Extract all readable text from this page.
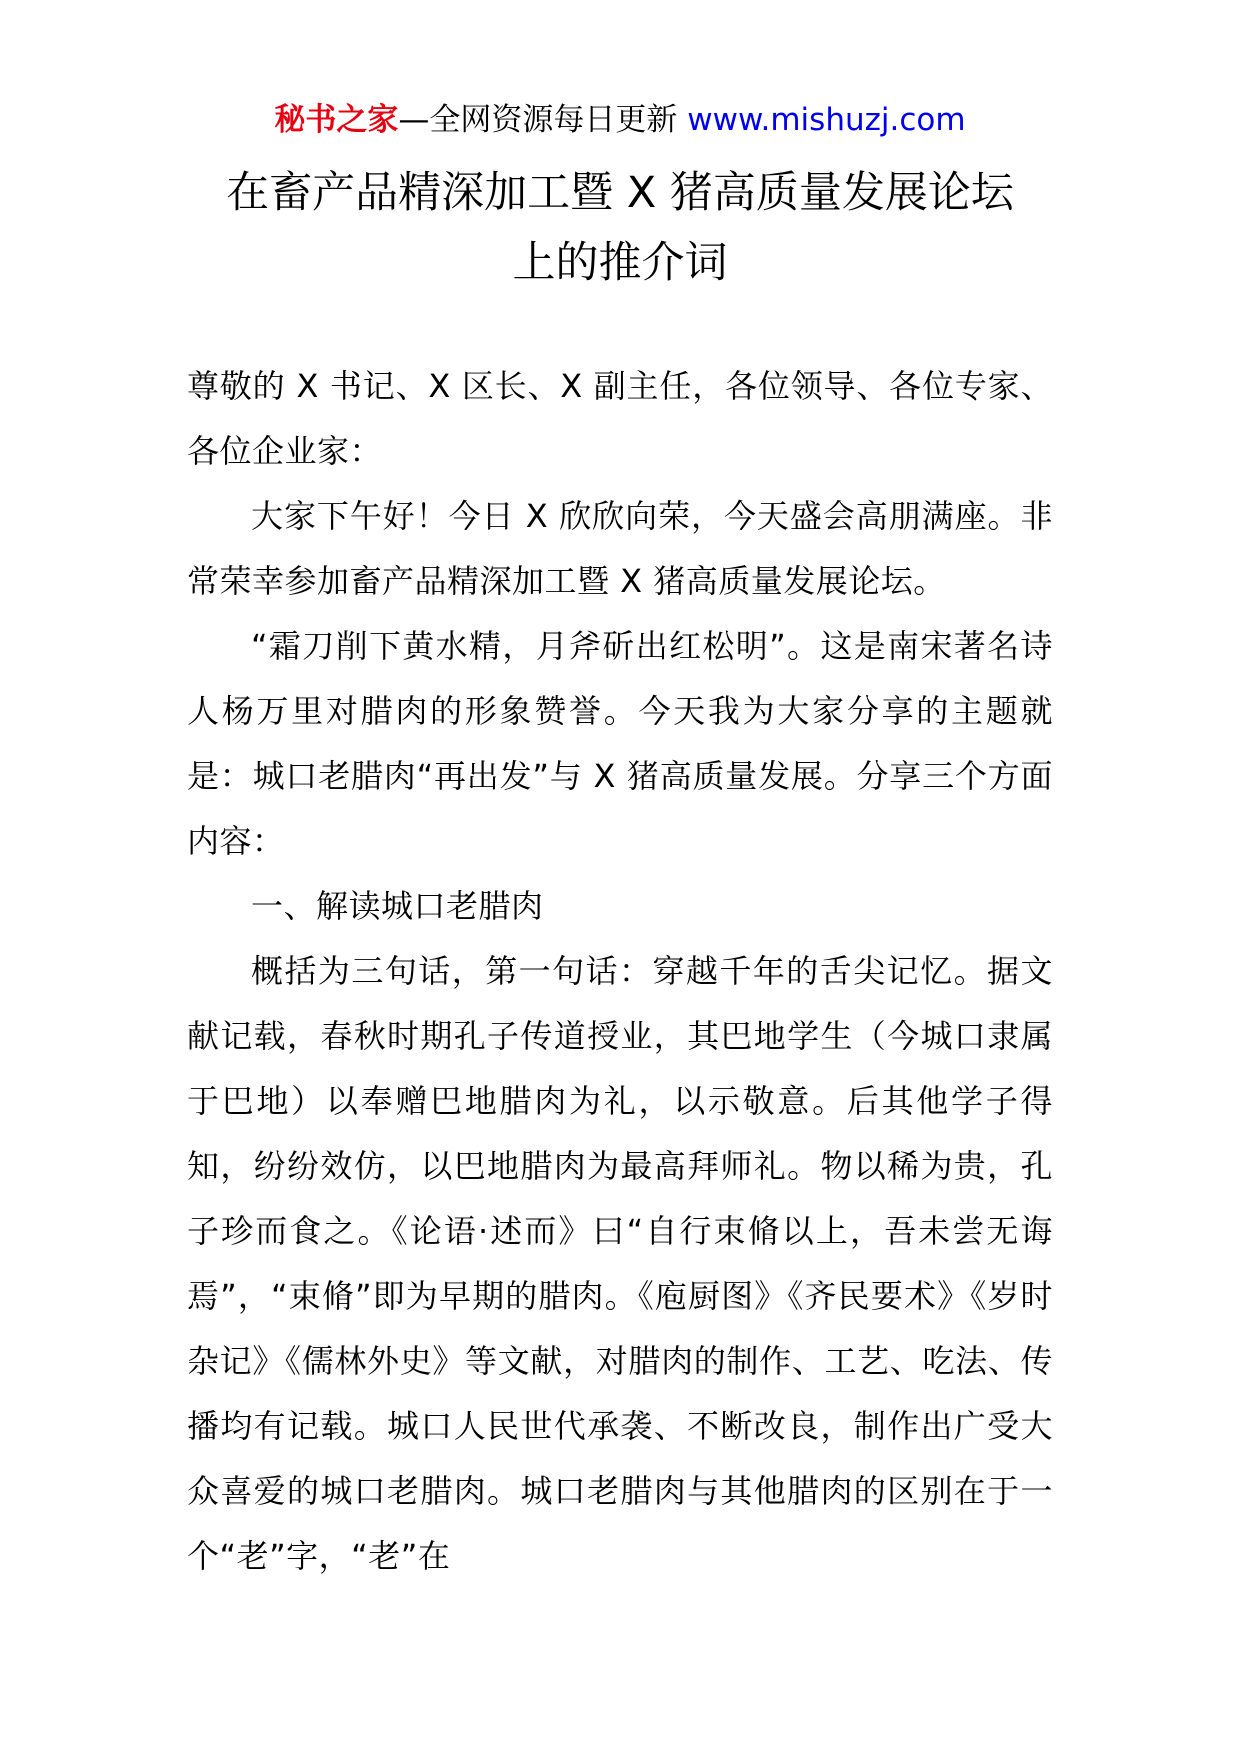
秘书之家—全网资源每日更新 www.mishuzj.com
在畜产品精深加工暨 X 猪高质量发展论坛
上的推介词

尊敬的 X 书记、X 区长、X 副主任，各位领导、各位专家、各位企业家：

大家下午好！今日 X 欣欣向荣，今天盛会高朋满座。非常荣幸参加畜产品精深加工暨 X 猪高质量发展论坛。

“霜刀削下黄水精，月斧斫出红松明”。这是南宋著名诗人杨万里对腊肉的形象赞誉。今天我为大家分享的主题就是：城口老腊肉“再出发”与 X 猪高质量发展。分享三个方面内容：

一、解读城口老腊肉

概括为三句话，第一句话：穿越千年的舌尖记忆。据文献记载，春秋时期孔子传道授业，其巴地学生（今城口隶属于巴地）以奉赠巴地腊肉为礼，以示敬意。后其他学子得知，纷纷效仿，以巴地腊肉为最高拜师礼。物以稀为贵，孔子珍而食之。《论语·述而》曰“自行束脩以上，吾未尝无诲焉”，“束脩”即为早期的腊肉。《庖厨图》《齐民要术》《岁时杂记》《儒林外史》等文献，对腊肉的制作、工艺、吃法、传播均有记载。城口人民世代承袭、不断改良，制作出广受大众喜爱的城口老腊肉。城口老腊肉与其他腊肉的区别在于一个“老”字，“老”在
